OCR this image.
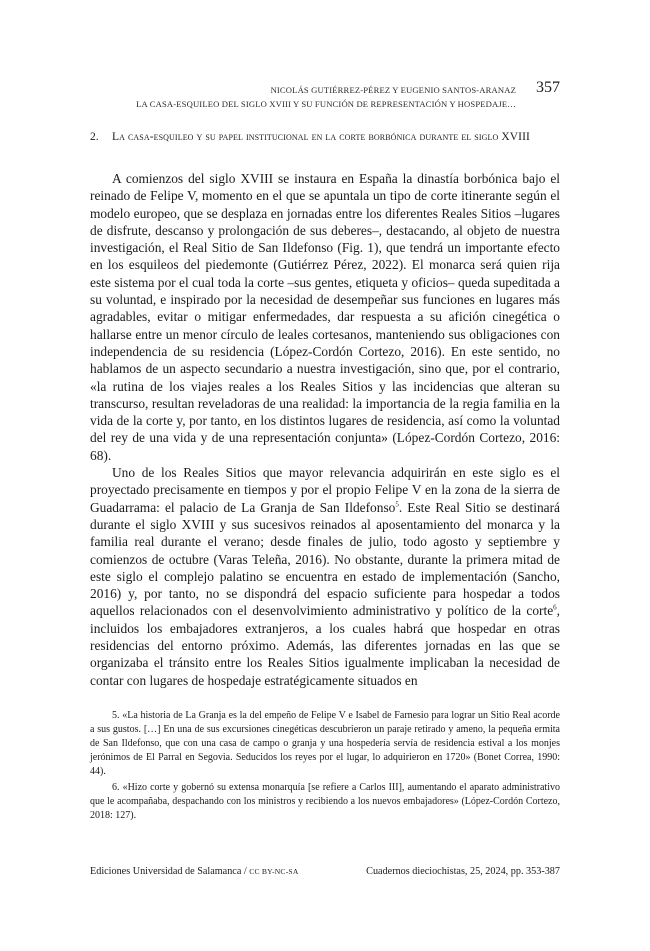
NICOLÁS GUTIÉRREZ-PÉREZ Y EUGENIO SANTOS-ARANAZ
LA CASA-ESQUILEO DEL SIGLO XVIII Y SU FUNCIÓN DE REPRESENTACIÓN Y HOSPEDAJE…
357
2. La casa-esquileo y su papel institucional en la corte borbónica durante el siglo XVIII

A comienzos del siglo XVIII se instaura en España la dinastía borbónica bajo el reinado de Felipe V, momento en el que se apuntala un tipo de corte itinerante según el modelo europeo, que se desplaza en jornadas entre los diferentes Reales Sitios –lugares de disfrute, descanso y prolongación de sus deberes–, destacando, al objeto de nuestra investigación, el Real Sitio de San Ildefonso (Fig. 1), que tendrá un importante efecto en los esquileos del piedemonte (Gutiérrez Pérez, 2022). El monarca será quien rija este sistema por el cual toda la corte –sus gentes, etiqueta y oficios– queda supeditada a su voluntad, e inspirado por la necesidad de desempeñar sus funciones en lugares más agradables, evitar o mitigar enfermedades, dar respuesta a su afición cinegética o hallarse entre un menor círculo de leales cortesanos, manteniendo sus obligaciones con independencia de su residencia (López-Cordón Cortezo, 2016). En este sentido, no hablamos de un aspecto secundario a nuestra investigación, sino que, por el contrario, «la rutina de los viajes reales a los Reales Sitios y las incidencias que alteran su transcurso, resultan reveladoras de una realidad: la importancia de la regia familia en la vida de la corte y, por tanto, en los distintos lugares de residencia, así como la voluntad del rey de una vida y de una representación conjunta» (López-Cordón Cortezo, 2016: 68).

Uno de los Reales Sitios que mayor relevancia adquirirán en este siglo es el proyectado precisamente en tiempos y por el propio Felipe V en la zona de la sierra de Guadarrama: el palacio de La Granja de San Ildefonso$^5$. Este Real Sitio se destinará durante el siglo XVIII y sus sucesivos reinados al aposentamiento del monarca y la familia real durante el verano; desde finales de julio, todo agosto y septiembre y comienzos de octubre (Varas Teleña, 2016). No obstante, durante la primera mitad de este siglo el complejo palatino se encuentra en estado de implementación (Sancho, 2016) y, por tanto, no se dispondrá del espacio suficiente para hospedar a todos aquellos relacionados con el desenvolvimiento administrativo y político de la corte$^6$, incluidos los embajadores extranjeros, a los cuales habrá que hospedar en otras residencias del entorno próximo. Además, las diferentes jornadas en las que se organizaba el tránsito entre los Reales Sitios igualmente implicaban la necesidad de contar con lugares de hospedaje estratégicamente situados en

5. «La historia de La Granja es la del empeño de Felipe V e Isabel de Farnesio para lograr un Sitio Real acorde a sus gustos. […] En una de sus excursiones cinegéticas descubrieron un paraje retirado y ameno, la pequeña ermita de San Ildefonso, que con una casa de campo o granja y una hospedería servía de residencia estival a los monjes jerónimos de El Parral en Segovia. Seducidos los reyes por el lugar, lo adquirieron en 1720» (Bonet Correa, 1990: 44).

6. «Hizo corte y gobernó su extensa monarquía [se refiere a Carlos III], aumentando el aparato administrativo que le acompañaba, despachando con los ministros y recibiendo a los nuevos embajadores» (López-Cordón Cortezo, 2018: 127).

Ediciones Universidad de Salamanca / CC BY-NC-SA	Cuadernos dieciochistas, 25, 2024, pp. 353-387
